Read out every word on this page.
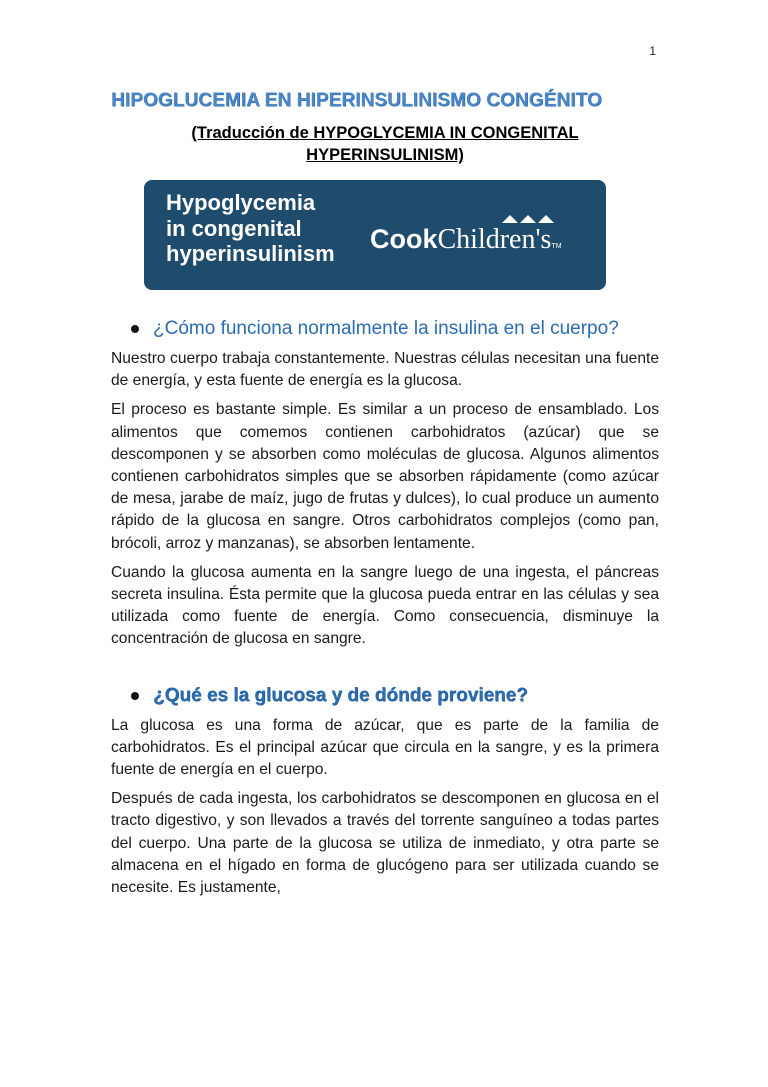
1
HIPOGLUCEMIA EN HIPERINSULINISMO CONGÉNITO
(Traducción de HYPOGLYCEMIA IN CONGENITAL HYPERINSULINISM)
Hypoglycemia
in congenital
hyperinsulinism CookChildren'sTM
¿Cómo funciona normalmente la insulina en el cuerpo?

Nuestro cuerpo trabaja constantemente. Nuestras células necesitan una fuente de energía, y esta fuente de energía es la glucosa.

El proceso es bastante simple. Es similar a un proceso de ensamblado. Los alimentos que comemos contienen carbohidratos (azúcar) que se descomponen y se absorben como moléculas de glucosa. Algunos alimentos contienen carbohidratos simples que se absorben rápidamente (como azúcar de mesa, jarabe de maíz, jugo de frutas y dulces), lo cual produce un aumento rápido de la glucosa en sangre. Otros carbohidratos complejos (como pan, brócoli, arroz y manzanas), se absorben lentamente.

Cuando la glucosa aumenta en la sangre luego de una ingesta, el páncreas secreta insulina. Ésta permite que la glucosa pueda entrar en las células y sea utilizada como fuente de energía. Como consecuencia, disminuye la concentración de glucosa en sangre.

¿Qué es la glucosa y de dónde proviene?

La glucosa es una forma de azúcar, que es parte de la familia de carbohidratos. Es el principal azúcar que circula en la sangre, y es la primera fuente de energía en el cuerpo.

Después de cada ingesta, los carbohidratos se descomponen en glucosa en el tracto digestivo, y son llevados a través del torrente sanguíneo a todas partes del cuerpo. Una parte de la glucosa se utiliza de inmediato, y otra parte se almacena en el hígado en forma de glucógeno para ser utilizada cuando se necesite. Es justamente,
